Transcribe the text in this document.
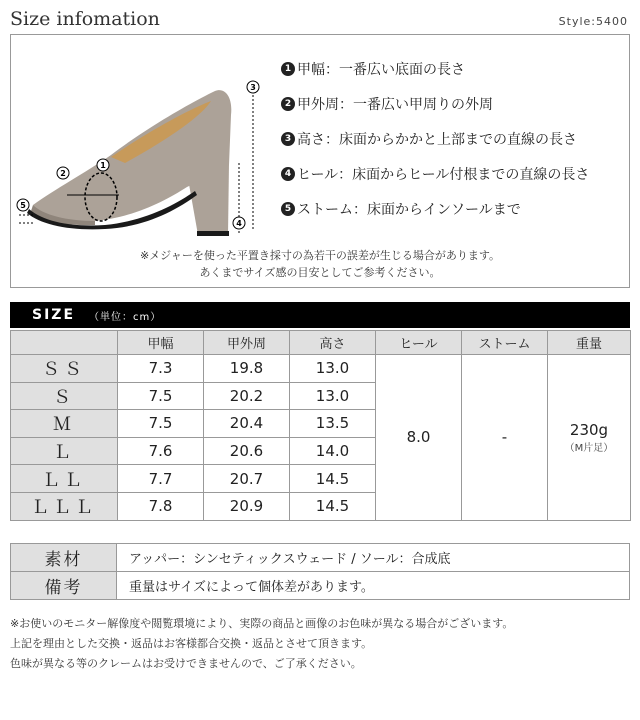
Size infomation	Style:5400
3
4
1
2
5
1 甲幅：一番広い底面の長さ
2 甲外周：一番広い甲周りの外周
3 高さ：床面からかかと上部までの直線の長さ
4 ヒール：床面からヒール付根までの直線の長さ
5 ストーム：床面からインソールまで
※メジャーを使った平置き採寸の為若干の誤差が生じる場合があります。
あくまでサイズ感の目安としてご参考ください。
SIZE （単位：cm）
	甲幅	甲外周	高さ	ヒール	ストーム	重量
ＳＳ	7.3	19.8	13.0	8.0	-	230g
（M片足）

Ｓ	7.5	20.2	13.0			
Ｍ	7.5	20.4	13.5			
Ｌ	7.6	20.6	14.0			
ＬＬ	7.7	20.7	14.5			
ＬＬＬ	7.8	20.9	14.5			
素材	アッパー：シンセティックスウェード / ソール：合成底
備考	重量はサイズによって個体差があります。
※お使いのモニター解像度や閲覧環境により、実際の商品と画像のお色味が異なる場合がございます。
上記を理由とした交換・返品はお客様都合交換・返品とさせて頂きます。
色味が異なる等のクレームはお受けできませんので、ご了承ください。
